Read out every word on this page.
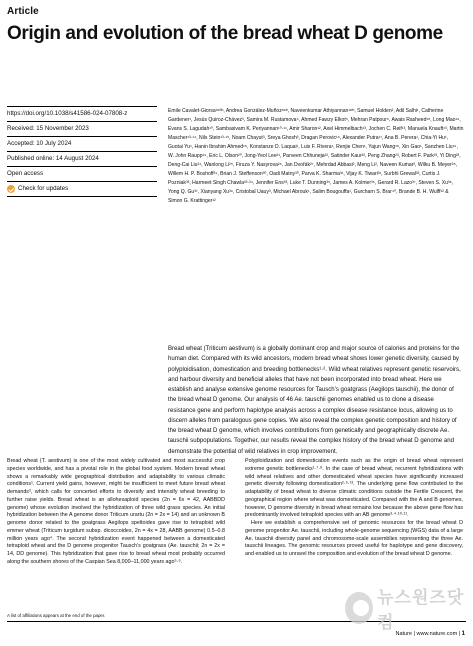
Article
Origin and evolution of the bread wheat D genome
https://doi.org/10.1038/s41586-024-07808-z
Received: 15 November 2023
Accepted: 10 July 2024
Published online: 14 August 2024
Open access
Check for updates

Emile Cavalet-Giorsa¹ʷ³ᵇ, Andrea González-Muñoz¹ʷᵇ, Naveenkumar Athiyannan¹ʷᵇ, Samuel Holden², Adil Salhi¹, Catherine Gardener¹, Jesús Quiroz-Chávez³, Samira M. Rustamova⁴, Ahmed Fawzy Elkot⁵, Mehran Patpour⁶, Awais Rasheed¹⁸, Long Mao¹⁹, Evans S. Lagudah¹⁰, Sambasivam K. Periyannan¹⁰·¹¹, Amir Sharon¹², Axel Himmelbach¹³, Jochen C. Reif¹³, Manuela Knauft¹³, Martin Mascher¹³·¹⁴, Nils Stein¹³·¹⁵, Noam Chayut³, Sreya Ghosh³, Dragan Perovic¹⁶, Alexander Putra¹⁷, Ana B. Perera¹, Chia-Yi Hu¹, Guotai Yu¹, Hanin Ibrahim Ahmed¹⁸, Konstanze D. Laquai¹, Luis F. Rivera¹, Renjie Chen¹, Yajun Wang¹⁸, Xin Gao¹, Sanzhen Liu¹⁹, W. John Raupp¹⁹, Eric L. Olson²⁰, Jong-Yeol Lee²¹, Parveen Chhuneja²², Satinder Kaur²², Peng Zhang²³, Robert F. Park²³, Yi Ding²³, Deng-Cai Liu²⁴, Wanlong Li²⁵, Firuza Y. Nasyrova²⁶, Jan Dvořák²⁷, Mehrdad Abbasi², Meng Li², Naveen Kumar², Wilku B. Meyer²⁸, Willem H. P. Boshoff²⁹, Brian J. Steffenson³⁰, Oadi Matny³⁰, Parva K. Sharma³¹, Vijay K. Tiwari³¹, Surbhi Grewal³², Curtis J. Pozniak³³, Harmeet Singh Chawla³³·³⁴, Jennifer Ens³³, Luke T. Dunning³⁵, James A. Kolmer³⁶, Gerard R. Lazo³⁷, Steven S. Xu³⁸, Yong Q. Gu³⁷, Xianyang Xu³⁹, Cristobal Uauy³, Michael Abrouk¹, Salim Bougouffa¹, Gurcharn S. Brar⁴⁰, Brande B. H. Wulff¹² & Simon G. Krattinger¹²

Bread wheat (Triticum aestivum) is a globally dominant crop and major source of calories and proteins for the human diet. Compared with its wild ancestors, modern bread wheat shows lower genetic diversity, caused by polyploidisation, domestication and breeding bottlenecks¹·². Wild wheat relatives represent genetic reservoirs, and harbour diversity and beneficial alleles that have not been incorporated into bread wheat. Here we establish and analyse extensive genome resources for Tausch’s goatgrass (Aegilops tauschii), the donor of the bread wheat D genome. Our analysis of 46 Ae. tauschii genomes enabled us to clone a disease resistance gene and perform haplotype analysis across a complex disease resistance locus, allowing us to discern alleles from paralogous gene copies. We also reveal the complex genetic composition and history of the bread wheat D genome, which involves contributions from genetically and geographically discrete Ae. tauschii subpopulations. Together, our results reveal the complex history of the bread wheat D genome and demonstrate the potential of wild relatives in crop improvement.

Bread wheat (T. aestivum) is one of the most widely cultivated and most successful crop species worldwide, and has a pivotal role in the global food system. Modern bread wheat shows a remarkably wide geographical distribution and adaptability to various climatic conditions¹. Current yield gains, however, might be insufficient to meet future bread wheat demands³, which calls for concerted efforts to diversify and intensify wheat breeding to further raise yields. Bread wheat is an allohexaploid species (2n = 6x = 42, AABBDD genome) whose evolution involved the hybridization of three wild grass species. An initial hybridization between the A genome donor Triticum urartu (2n = 2x = 14) and an unknown B genome donor related to the goatgrass Aegilops speltoides gave rise to tetraploid wild emmer wheat (Triticum turgidum subsp. dicoccoides, 2n = 4x = 28, AABB genome) 0.5–0.8 million years ago⁴. The second hybridization event happened between a domesticated tetraploid wheat and the D genome progenitor Tausch’s goatgrass (Ae. tauschii; 2n = 2x = 14, DD genome). This hybridization that gave rise to bread wheat most probably occurred along the southern shores of the Caspian Sea 8,000–11,000 years ago⁵·⁶.

Polyploidization and domestication events such as the origin of bread wheat represent extreme genetic bottlenecks¹·⁷·⁸. In the case of bread wheat, recurrent hybridizations with wild wheat relatives and other domesticated wheat species have significantly increased genetic diversity following domestication²·⁹·¹³. The underlying gene flow contributed to the adaptability of bread wheat to diverse climatic conditions outside the Fertile Crescent, the geographical region where wheat was domesticated. Compared with the A and B genomes, however, D genome diversity in bread wheat remains low because the above gene flow has predominantly involved tetraploid species with an AB genome³·⁴·¹⁰·¹¹.

Here we establish a comprehensive set of genomic resources for the bread wheat D genome progenitor Ae. tauschii, including whole-genome sequencing (WGS) data of a large Ae. tauschii diversity panel and chromosome-scale assemblies representing the three Ae. tauschii lineages. The genomic resources proved useful for haplotype and gene discovery, and enabled us to unravel the composition and evolution of the bread wheat D genome.

A list of affiliations appears at the end of the paper.
Nature | www.nature.com | 1
뉴스원즈닷컴
